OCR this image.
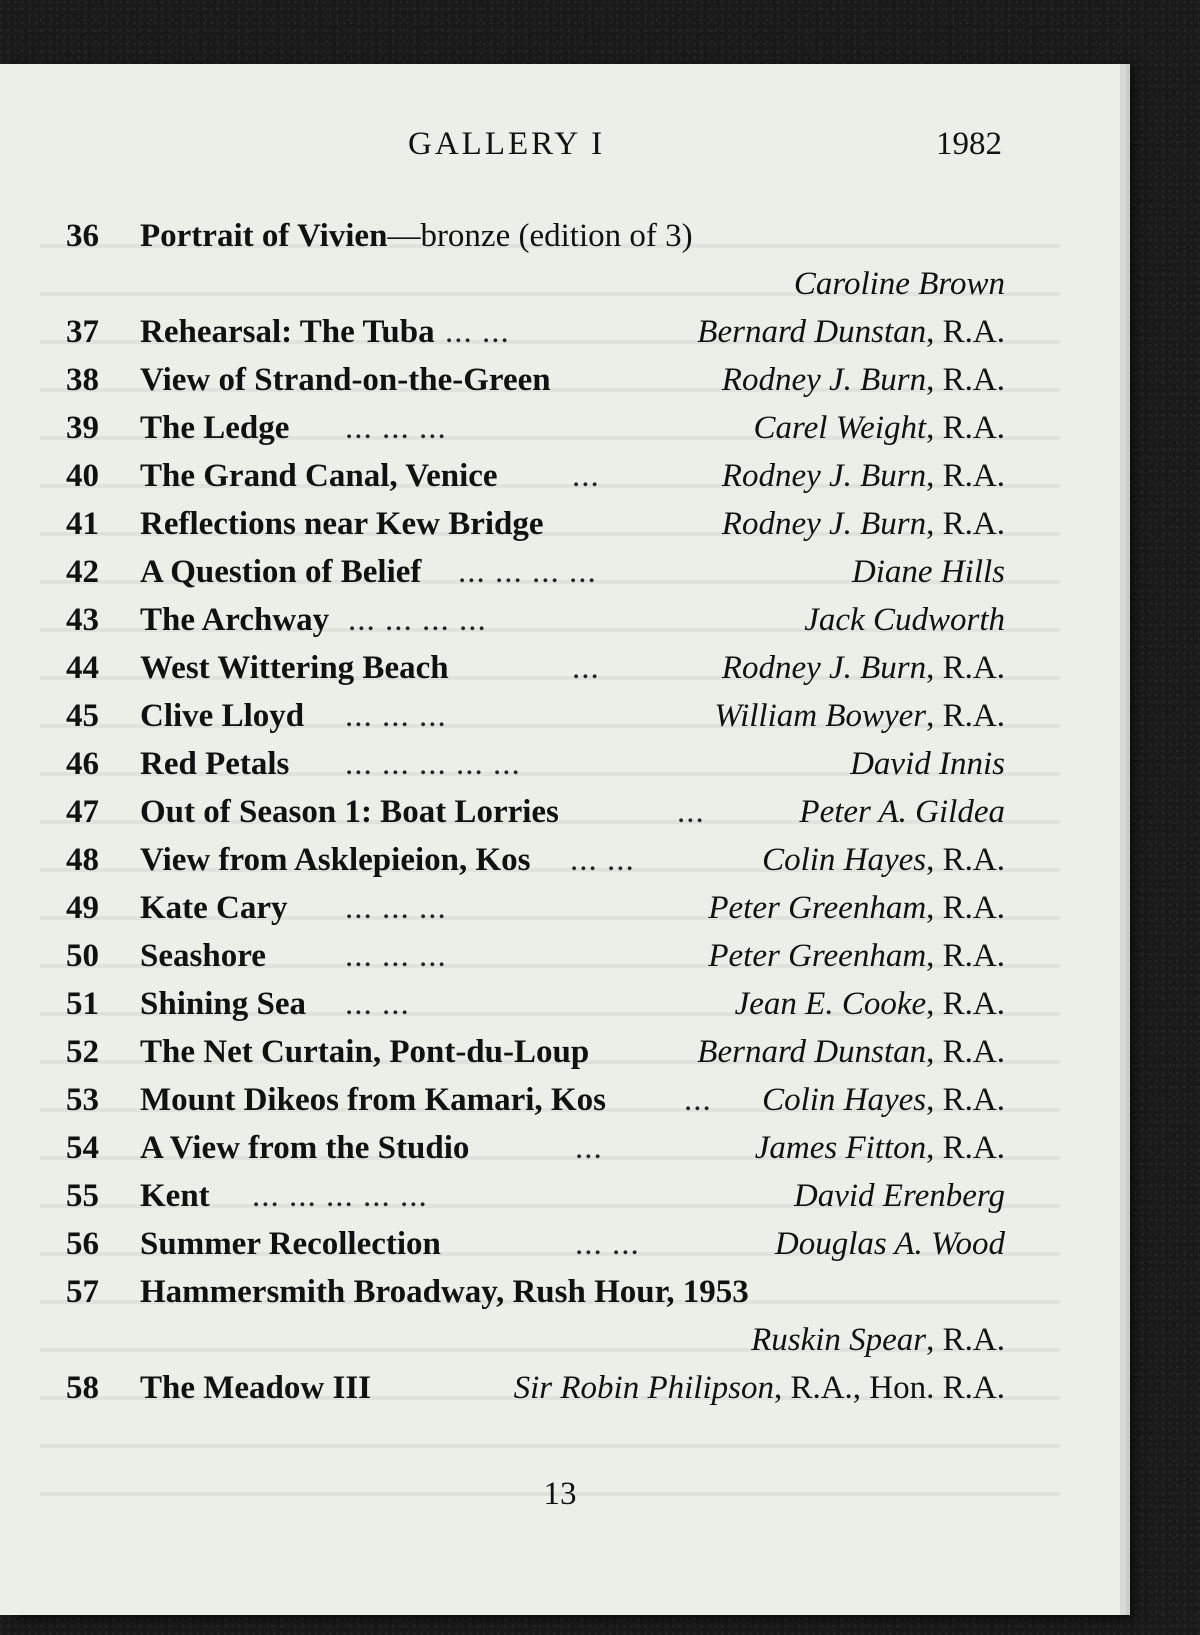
GALLERY I	1982
36 Portrait of Vivien—bronze (edition of 3)
Caroline Brown
37 Rehearsal: The Tuba ... ...	Bernard Dunstan, R.A.
38 View of Strand-on-the-Green	Rodney J. Burn, R.A.
39 The Ledge ... ... ...	Carel Weight, R.A.
40 The Grand Canal, Venice ...	Rodney J. Burn, R.A.
41 Reflections near Kew Bridge	Rodney J. Burn, R.A.
42 A Question of Belief ... ... ... ...	Diane Hills
43 The Archway ... ... ... ...	Jack Cudworth
44 West Wittering Beach	...	Rodney J. Burn, R.A.
45 Clive Lloyd ... ... ...	William Bowyer, R.A.
46 Red Petals ... ... ... ... ...	David Innis
47 Out of Season 1: Boat Lorries	...	Peter A. Gildea
48 View from Asklepieion, Kos ... ...	Colin Hayes, R.A.
49 Kate Cary ... ... ...	Peter Greenham, R.A.
50 Seashore ... ... ...	Peter Greenham, R.A.
51 Shining Sea ... ...	Jean E. Cooke, R.A.
52 The Net Curtain, Pont-du-Loup	Bernard Dunstan, R.A.
53 Mount Dikeos from Kamari, Kos ... Colin Hayes, R.A.
54 A View from the Studio	...	James Fitton, R.A.
55 Kent ... ... ... ... ...	David Erenberg
56 Summer Recollection	... ...	Douglas A. Wood
57 Hammersmith Broadway, Rush Hour, 1953
Ruskin Spear, R.A.
58 The Meadow III	Sir Robin Philipson, R.A., Hon. R.A.
13
